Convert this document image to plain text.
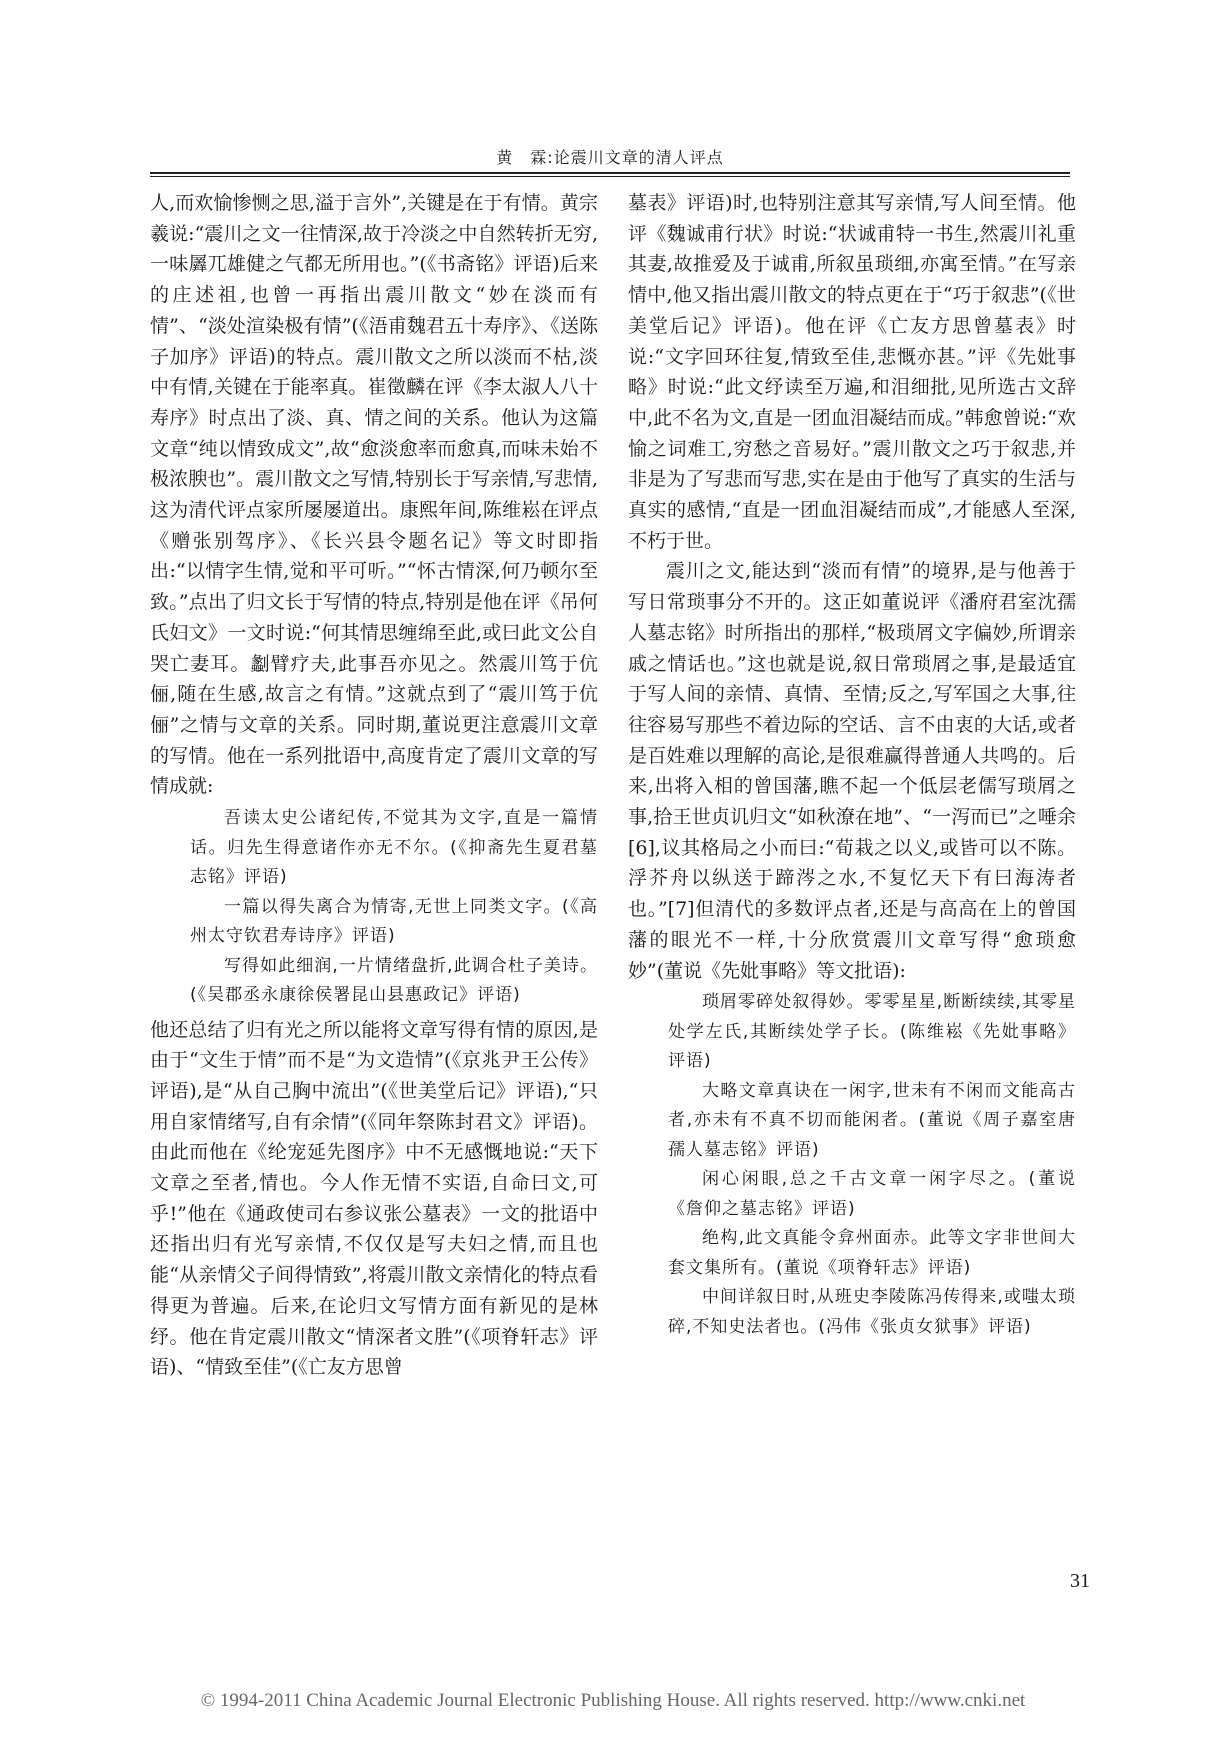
黄　霖:论震川文章的清人评点

人,而欢愉惨恻之思,溢于言外”,关键是在于有情。黄宗羲说:“震川之文一往情深,故于冷淡之中自然转折无穷,一味羼兀雄健之气都无所用也。”(《书斋铭》评语)后来的庄述祖,也曾一再指出震川散文“妙在淡而有情”、“淡处渲染极有情”(《浯甫魏君五十寿序》、《送陈子加序》评语)的特点。震川散文之所以淡而不枯,淡中有情,关键在于能率真。崔徵麟在评《李太淑人八十寿序》时点出了淡、真、情之间的关系。他认为这篇文章“纯以情致成文”,故“愈淡愈率而愈真,而味未始不极浓腴也”。震川散文之写情,特别长于写亲情,写悲情,这为清代评点家所屡屡道出。康熙年间,陈维崧在评点《赠张别驾序》、《长兴县令题名记》等文时即指出:“以情字生情,觉和平可听。”“怀古情深,何乃顿尔至致。”点出了归文长于写情的特点,特别是他在评《吊何氏妇文》一文时说:“何其情思缠绵至此,或曰此文公自哭亡妻耳。劙臂疗夫,此事吾亦见之。然震川笃于伉俪,随在生感,故言之有情。”这就点到了“震川笃于伉俪”之情与文章的关系。同时期,董说更注意震川文章的写情。他在一系列批语中,高度肯定了震川文章的写情成就:

吾读太史公诸纪传,不觉其为文字,直是一篇情话。归先生得意诸作亦无不尔。(《抑斋先生夏君墓志铭》评语)
一篇以得失离合为情寄,无世上同类文字。(《高州太守钦君寿诗序》评语)
写得如此细润,一片情绪盘折,此调合杜子美诗。(《吴郡丞永康徐侯署昆山县惠政记》评语)

他还总结了归有光之所以能将文章写得有情的原因,是由于“文生于情”而不是“为文造情”(《京兆尹王公传》评语),是“从自己胸中流出”(《世美堂后记》评语),“只用自家情绪写,自有余情”(《同年祭陈封君文》评语)。由此而他在《纶宠延先图序》中不无感慨地说:“天下文章之至者,情也。今人作无情不实语,自命曰文,可乎!”他在《通政使司右参议张公墓表》一文的批语中还指出归有光写亲情,不仅仅是写夫妇之情,而且也能“从亲情父子间得情致”,将震川散文亲情化的特点看得更为普遍。后来,在论归文写情方面有新见的是林纾。他在肯定震川散文“情深者文胜”(《项脊轩志》评语)、“情致至佳”(《亡友方思曾

墓表》评语)时,也特别注意其写亲情,写人间至情。他评《魏诚甫行状》时说:“状诚甫特一书生,然震川礼重其妻,故推爱及于诚甫,所叙虽琐细,亦寓至情。”在写亲情中,他又指出震川散文的特点更在于“巧于叙悲”(《世美堂后记》评语)。他在评《亡友方思曾墓表》时说:“文字回环往复,情致至佳,悲慨亦甚。”评《先妣事略》时说:“此文纾读至万遍,和泪细批,见所选古文辞中,此不名为文,直是一团血泪凝结而成。”韩愈曾说:“欢愉之词难工,穷愁之音易好。”震川散文之巧于叙悲,并非是为了写悲而写悲,实在是由于他写了真实的生活与真实的感情,“直是一团血泪凝结而成”,才能感人至深,不朽于世。

震川之文,能达到“淡而有情”的境界,是与他善于写日常琐事分不开的。这正如董说评《潘府君室沈孺人墓志铭》时所指出的那样,“极琐屑文字偏妙,所谓亲戚之情话也。”这也就是说,叙日常琐屑之事,是最适宜于写人间的亲情、真情、至情;反之,写军国之大事,往往容易写那些不着边际的空话、言不由衷的大话,或者是百姓难以理解的高论,是很难赢得普通人共鸣的。后来,出将入相的曾国藩,瞧不起一个低层老儒写琐屑之事,拾王世贞讥归文“如秋潦在地”、“一泻而已”之唾余[6],议其格局之小而曰:“荀栽之以义,或皆可以不陈。浮芥舟以纵送于蹄涔之水,不复忆天下有曰海涛者也。”[7]但清代的多数评点者,还是与高高在上的曾国藩的眼光不一样,十分欣赏震川文章写得“愈琐愈妙”(董说《先妣事略》等文批语):

琐屑零碎处叙得妙。零零星星,断断续续,其零星处学左氏,其断续处学子长。(陈维崧《先妣事略》评语)
大略文章真诀在一闲字,世未有不闲而文能高古者,亦未有不真不切而能闲者。(董说《周子嘉室唐孺人墓志铭》评语)
闲心闲眼,总之千古文章一闲字尽之。(董说《詹仰之墓志铭》评语)
绝构,此文真能令弇州面赤。此等文字非世间大套文集所有。(董说《项脊轩志》评语)
中间详叙日时,从班史李陵陈冯传得来,或嗤太琐碎,不知史法者也。(冯伟《张贞女狱事》评语)
31
© 1994-2011 China Academic Journal Electronic Publishing House. All rights reserved. http://www.cnki.net
